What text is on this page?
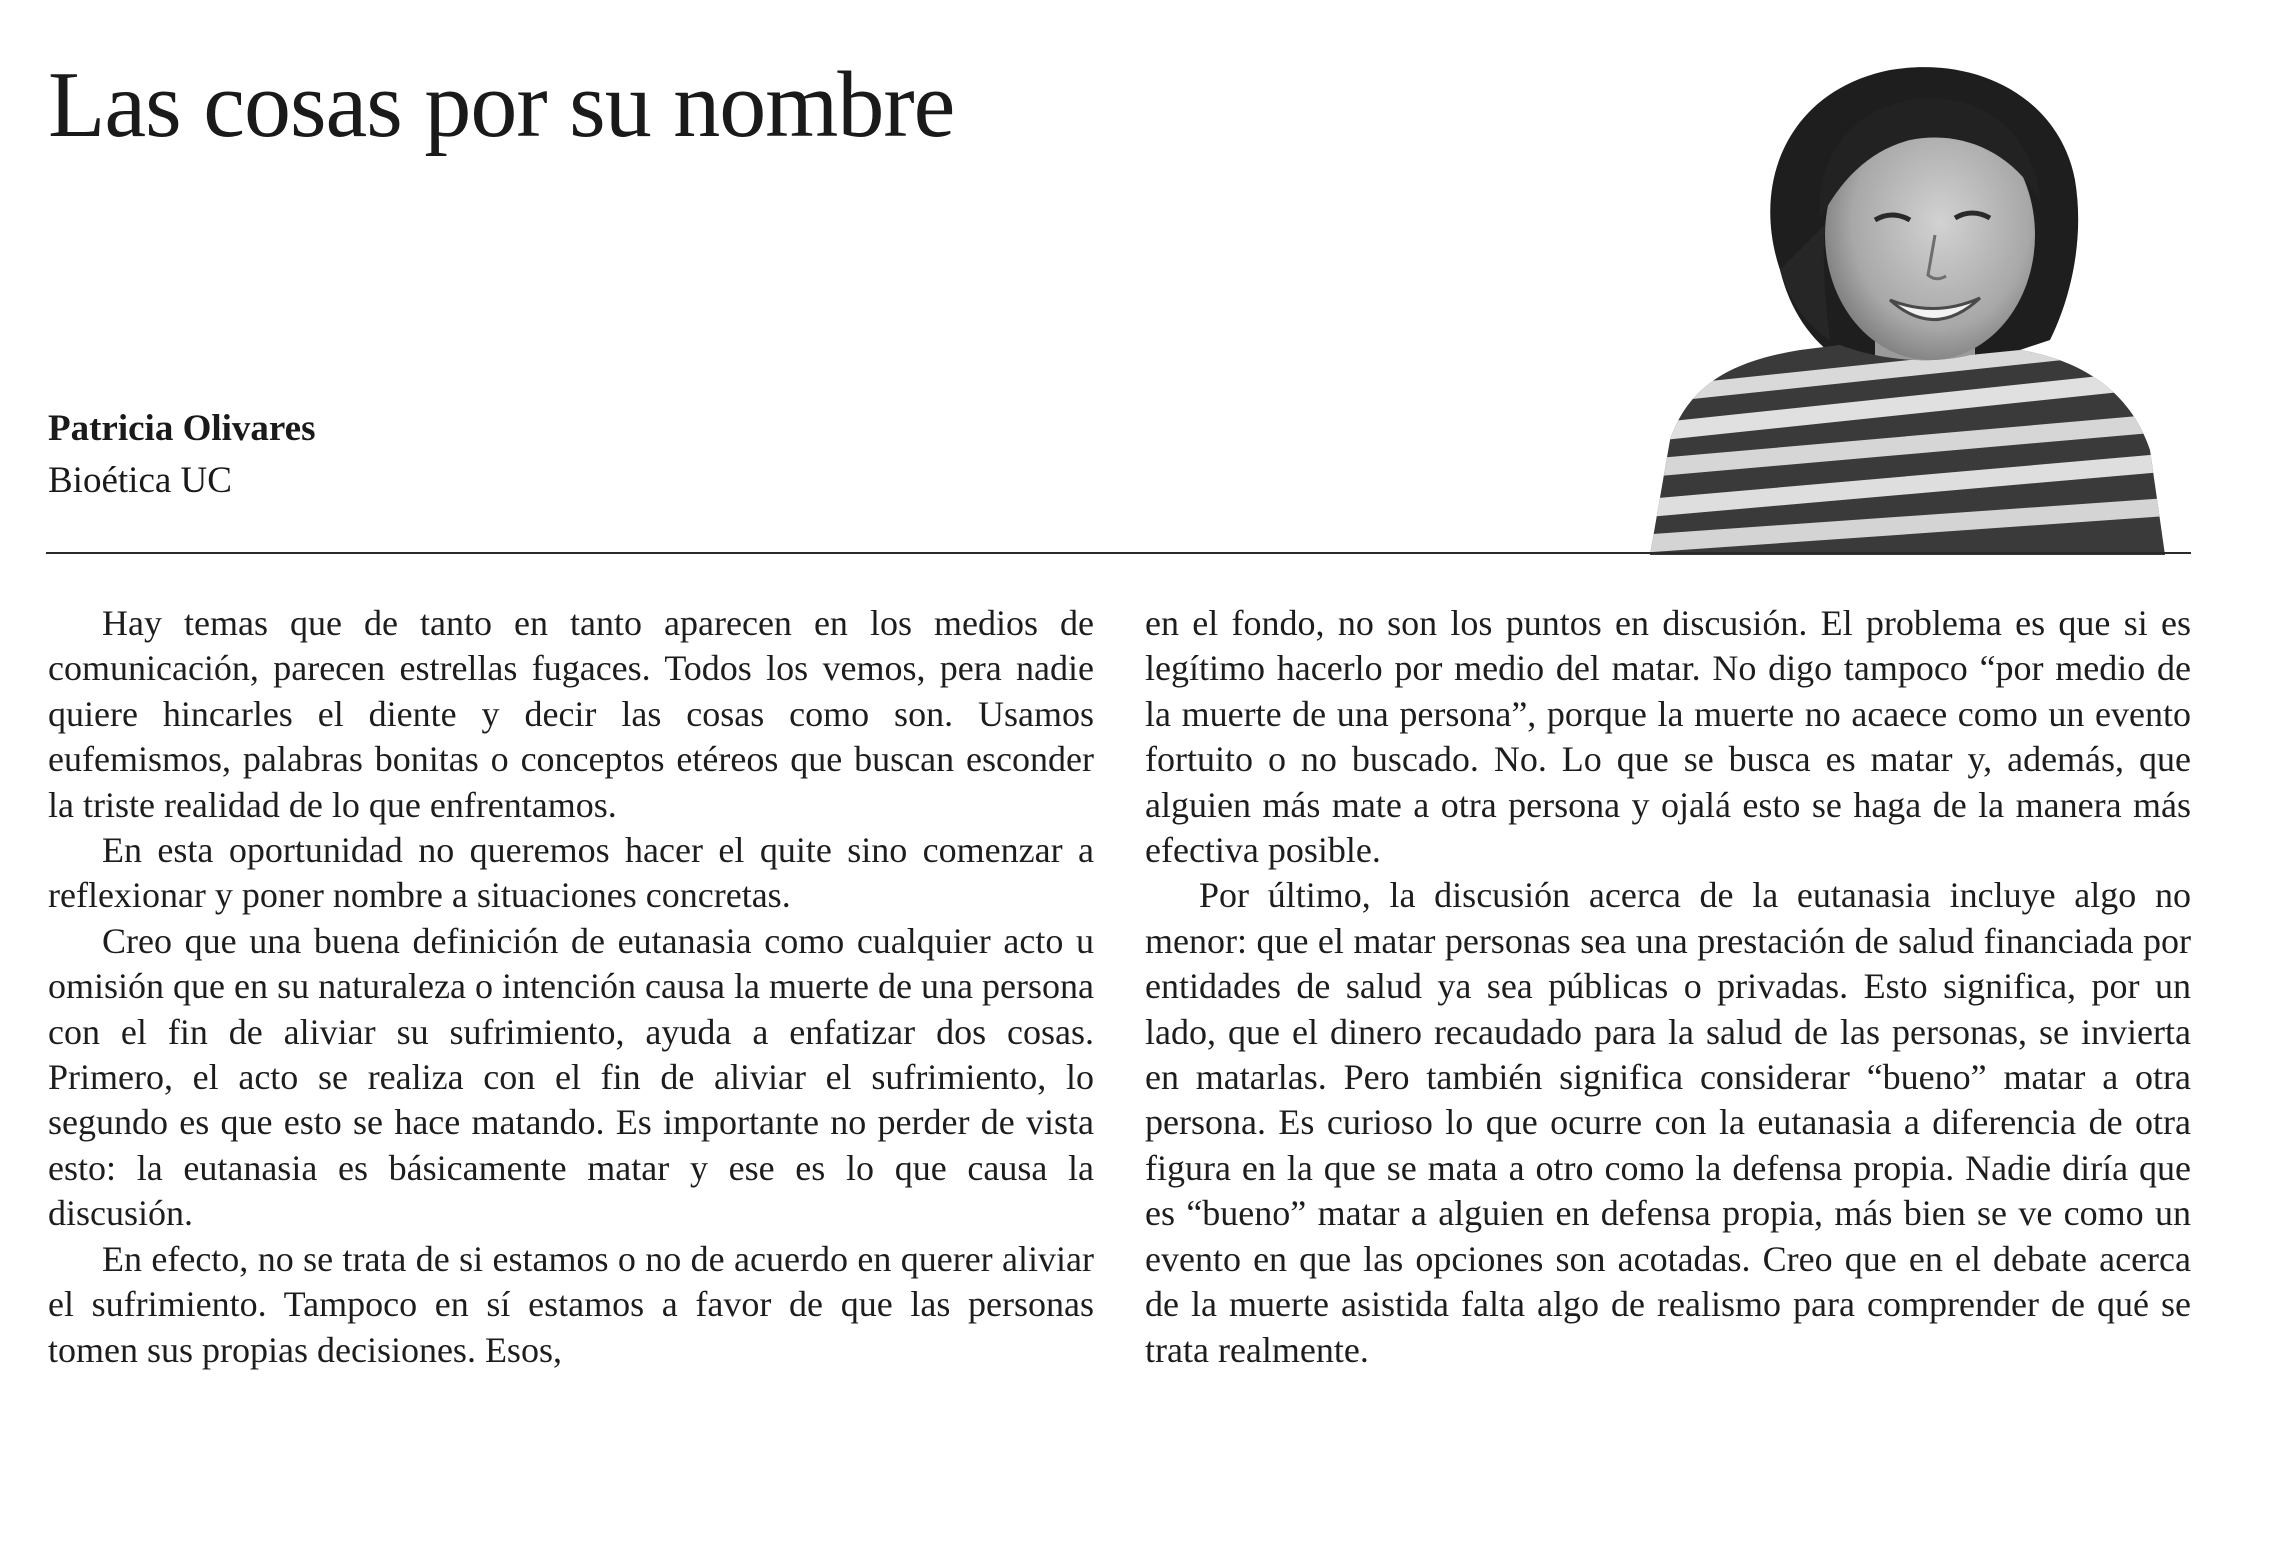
Las cosas por su nombre
Patricia Olivares
Bioética UC

Hay temas que de tanto en tanto aparecen en los medios de comunicación, parecen estrellas fugaces. Todos los vemos, pera nadie quiere hincarles el diente y decir las cosas como son. Usamos eufemismos, palabras bonitas o conceptos etéreos que buscan esconder la triste realidad de lo que enfrentamos.

En esta oportunidad no queremos hacer el quite sino comenzar a reflexionar y poner nombre a situaciones concretas.

Creo que una buena definición de eutanasia como cualquier acto u omisión que en su naturaleza o intención causa la muerte de una persona con el fin de aliviar su sufrimiento, ayuda a enfatizar dos cosas. Primero, el acto se realiza con el fin de aliviar el sufrimiento, lo segundo es que esto se hace matando. Es importante no perder de vista esto: la eutanasia es básicamente matar y ese es lo que causa la discusión.

En efecto, no se trata de si estamos o no de acuerdo en querer aliviar el sufrimiento. Tampoco en sí estamos a favor de que las personas tomen sus propias decisiones. Esos,

en el fondo, no son los puntos en discusión. El problema es que si es legítimo hacerlo por medio del matar. No digo tampoco “por medio de la muerte de una persona”, porque la muerte no acaece como un evento fortuito o no buscado. No. Lo que se busca es matar y, además, que alguien más mate a otra persona y ojalá esto se haga de la manera más efectiva posible.

Por último, la discusión acerca de la eutanasia incluye algo no menor: que el matar personas sea una prestación de salud financiada por entidades de salud ya sea públicas o privadas. Esto significa, por un lado, que el dinero recaudado para la salud de las personas, se invierta en matarlas. Pero también significa considerar “bueno” matar a otra persona. Es curioso lo que ocurre con la eutanasia a diferencia de otra figura en la que se mata a otro como la defensa propia. Nadie diría que es “bueno” matar a alguien en defensa propia, más bien se ve como un evento en que las opciones son acotadas. Creo que en el debate acerca de la muerte asistida falta algo de realismo para comprender de qué se trata realmente.
